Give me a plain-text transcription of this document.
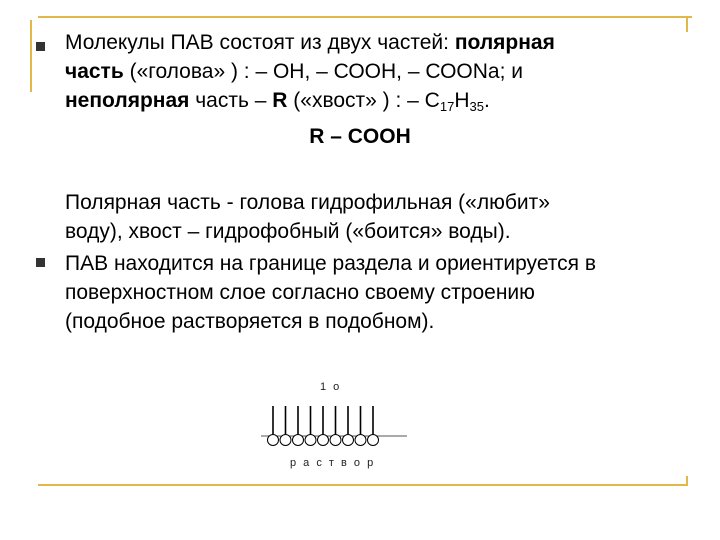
Молекулы ПАВ состоят из двух частей: полярная
часть («голова» ) : – ОН, – СООН, – СООNa; и
неполярная часть – R («хвост» ) : – $С_{17}Н_{35}$.
R – COOH
Полярная часть - голова гидрофильная («любит»
воду), хвост – гидрофобный («боится» воды).
ПАВ находится на границе раздела и ориентируется в
поверхностном слое согласно своему строению
(подобное растворяется в подобном).
1 о
р а с т в о р
